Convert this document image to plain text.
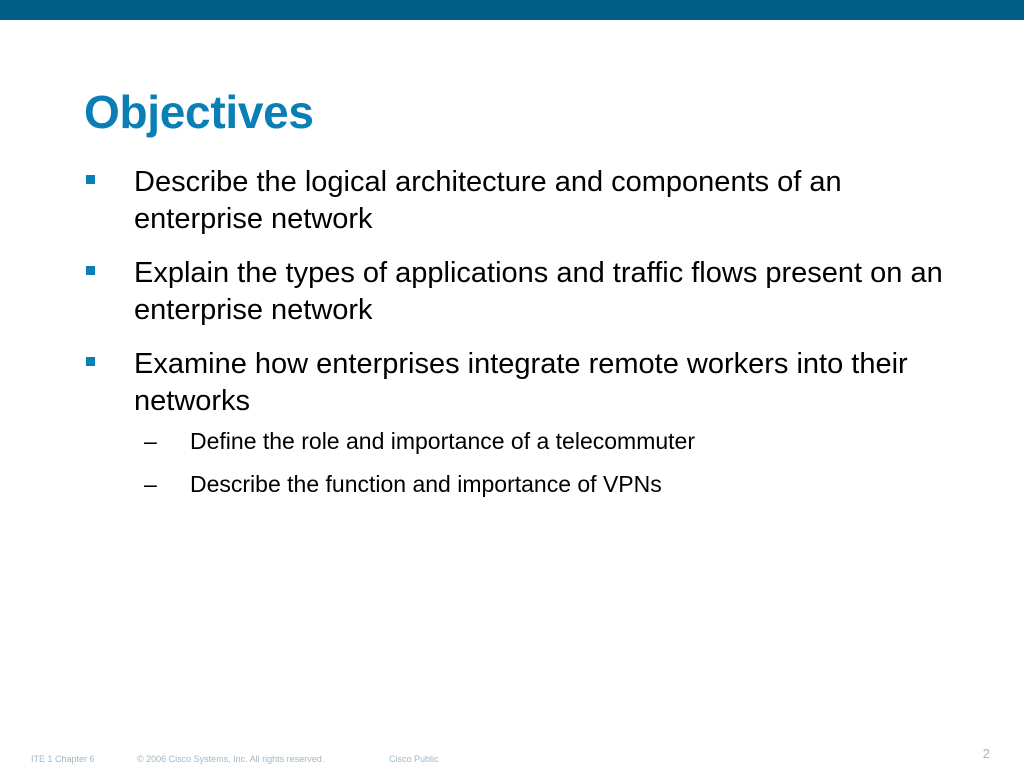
Objectives
Describe the logical architecture and components of an enterprise network
Explain the types of applications and traffic flows present on an enterprise network
Examine how enterprises integrate remote workers into their networks
– Define the role and importance of a telecommuter
– Describe the function and importance of VPNs
ITE 1 Chapter 6	© 2006 Cisco Systems, Inc. All rights reserved.	Cisco Public	2
